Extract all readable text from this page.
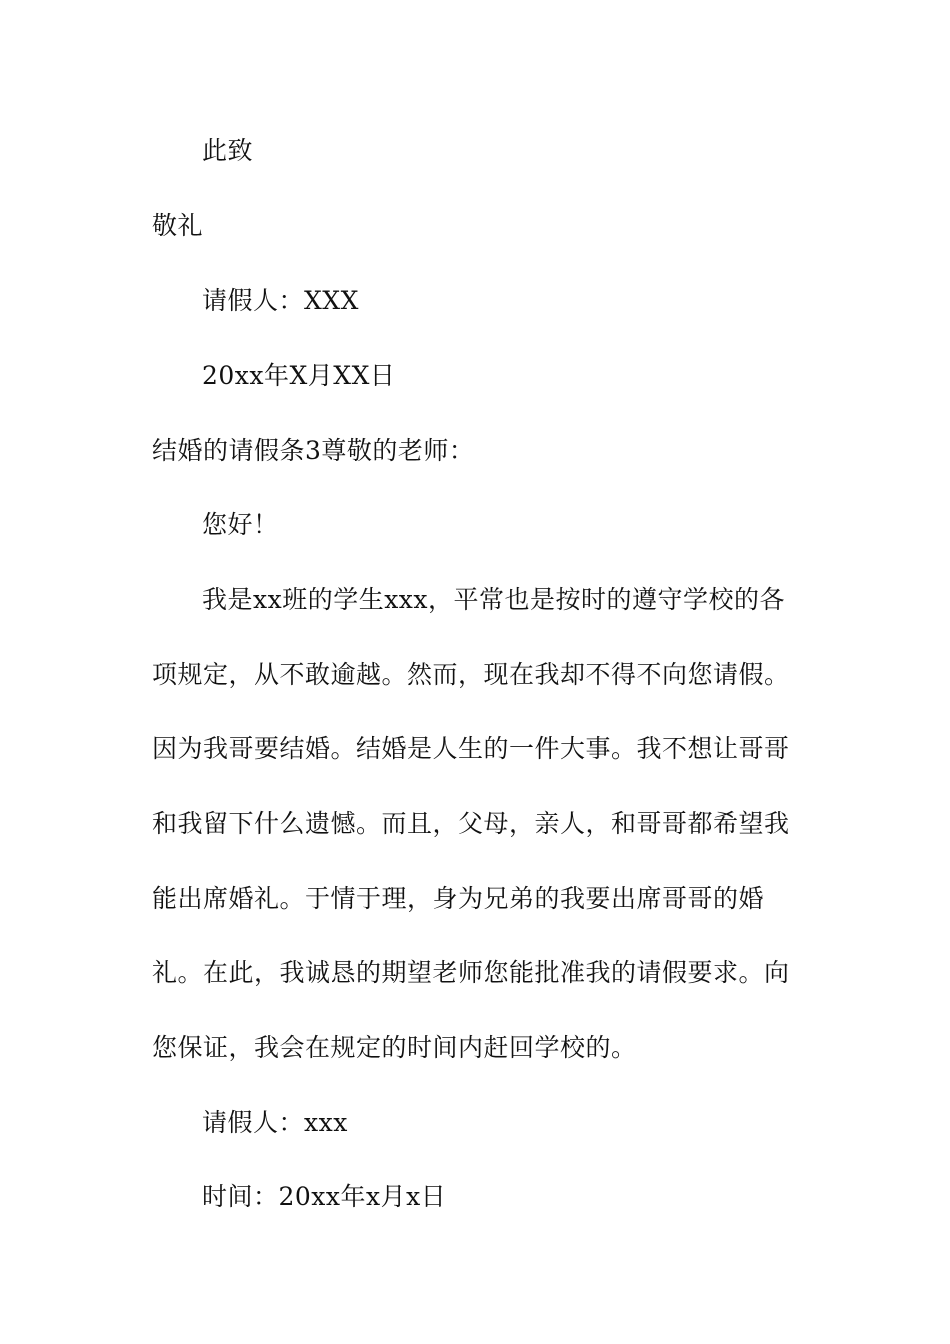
此致
敬礼
请假人：XXX
20xx年X月XX日
结婚的请假条3尊敬的老师：
您好！
我是xx班的学生xxx，平常也是按时的遵守学校的各
项规定，从不敢逾越。然而，现在我却不得不向您请假。
因为我哥要结婚。结婚是人生的一件大事。我不想让哥哥
和我留下什么遗憾。而且，父母，亲人，和哥哥都希望我
能出席婚礼。于情于理，身为兄弟的我要出席哥哥的婚
礼。在此，我诚恳的期望老师您能批准我的请假要求。向
您保证，我会在规定的时间内赶回学校的。
请假人：xxx
时间：20xx年x月x日
